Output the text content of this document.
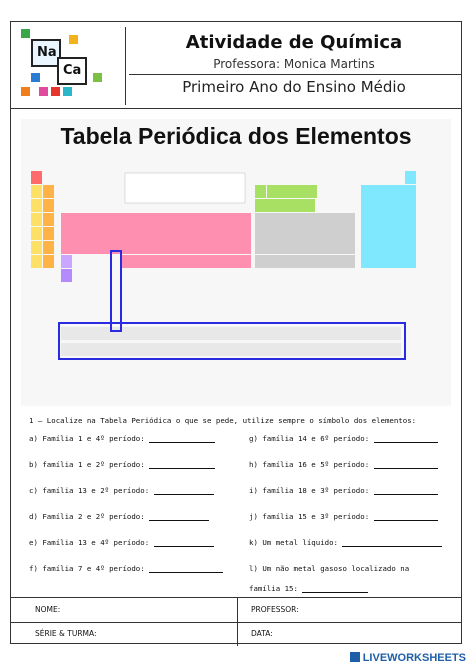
Na
Ca
Atividade de Química
Professora: Monica Martins
Primeiro Ano do Ensino Médio
Tabela Periódica dos Elementos
1 – Localize na Tabela Periódica o que se pede, utilize sempre o símbolo dos elementos:
a) Família 1 e 4º período:
b) família 1 e 2º período:
c) família 13 e 2º período:
d) Família 2 e 2º período:
e) Família 13 e 4º período:
f) família 7 e 4º período:
g) família 14 e 6º período:
h) família 16 e 5º período:
i) família 18 e 3º período:
j) família 15 e 3º período:
k) Um metal líquido:
l) Um não metal gasoso localizado na
família 15:
NOME:	PROFESSOR:
SÉRIE & TURMA:	DATA:
LIVEWORKSHEETS
